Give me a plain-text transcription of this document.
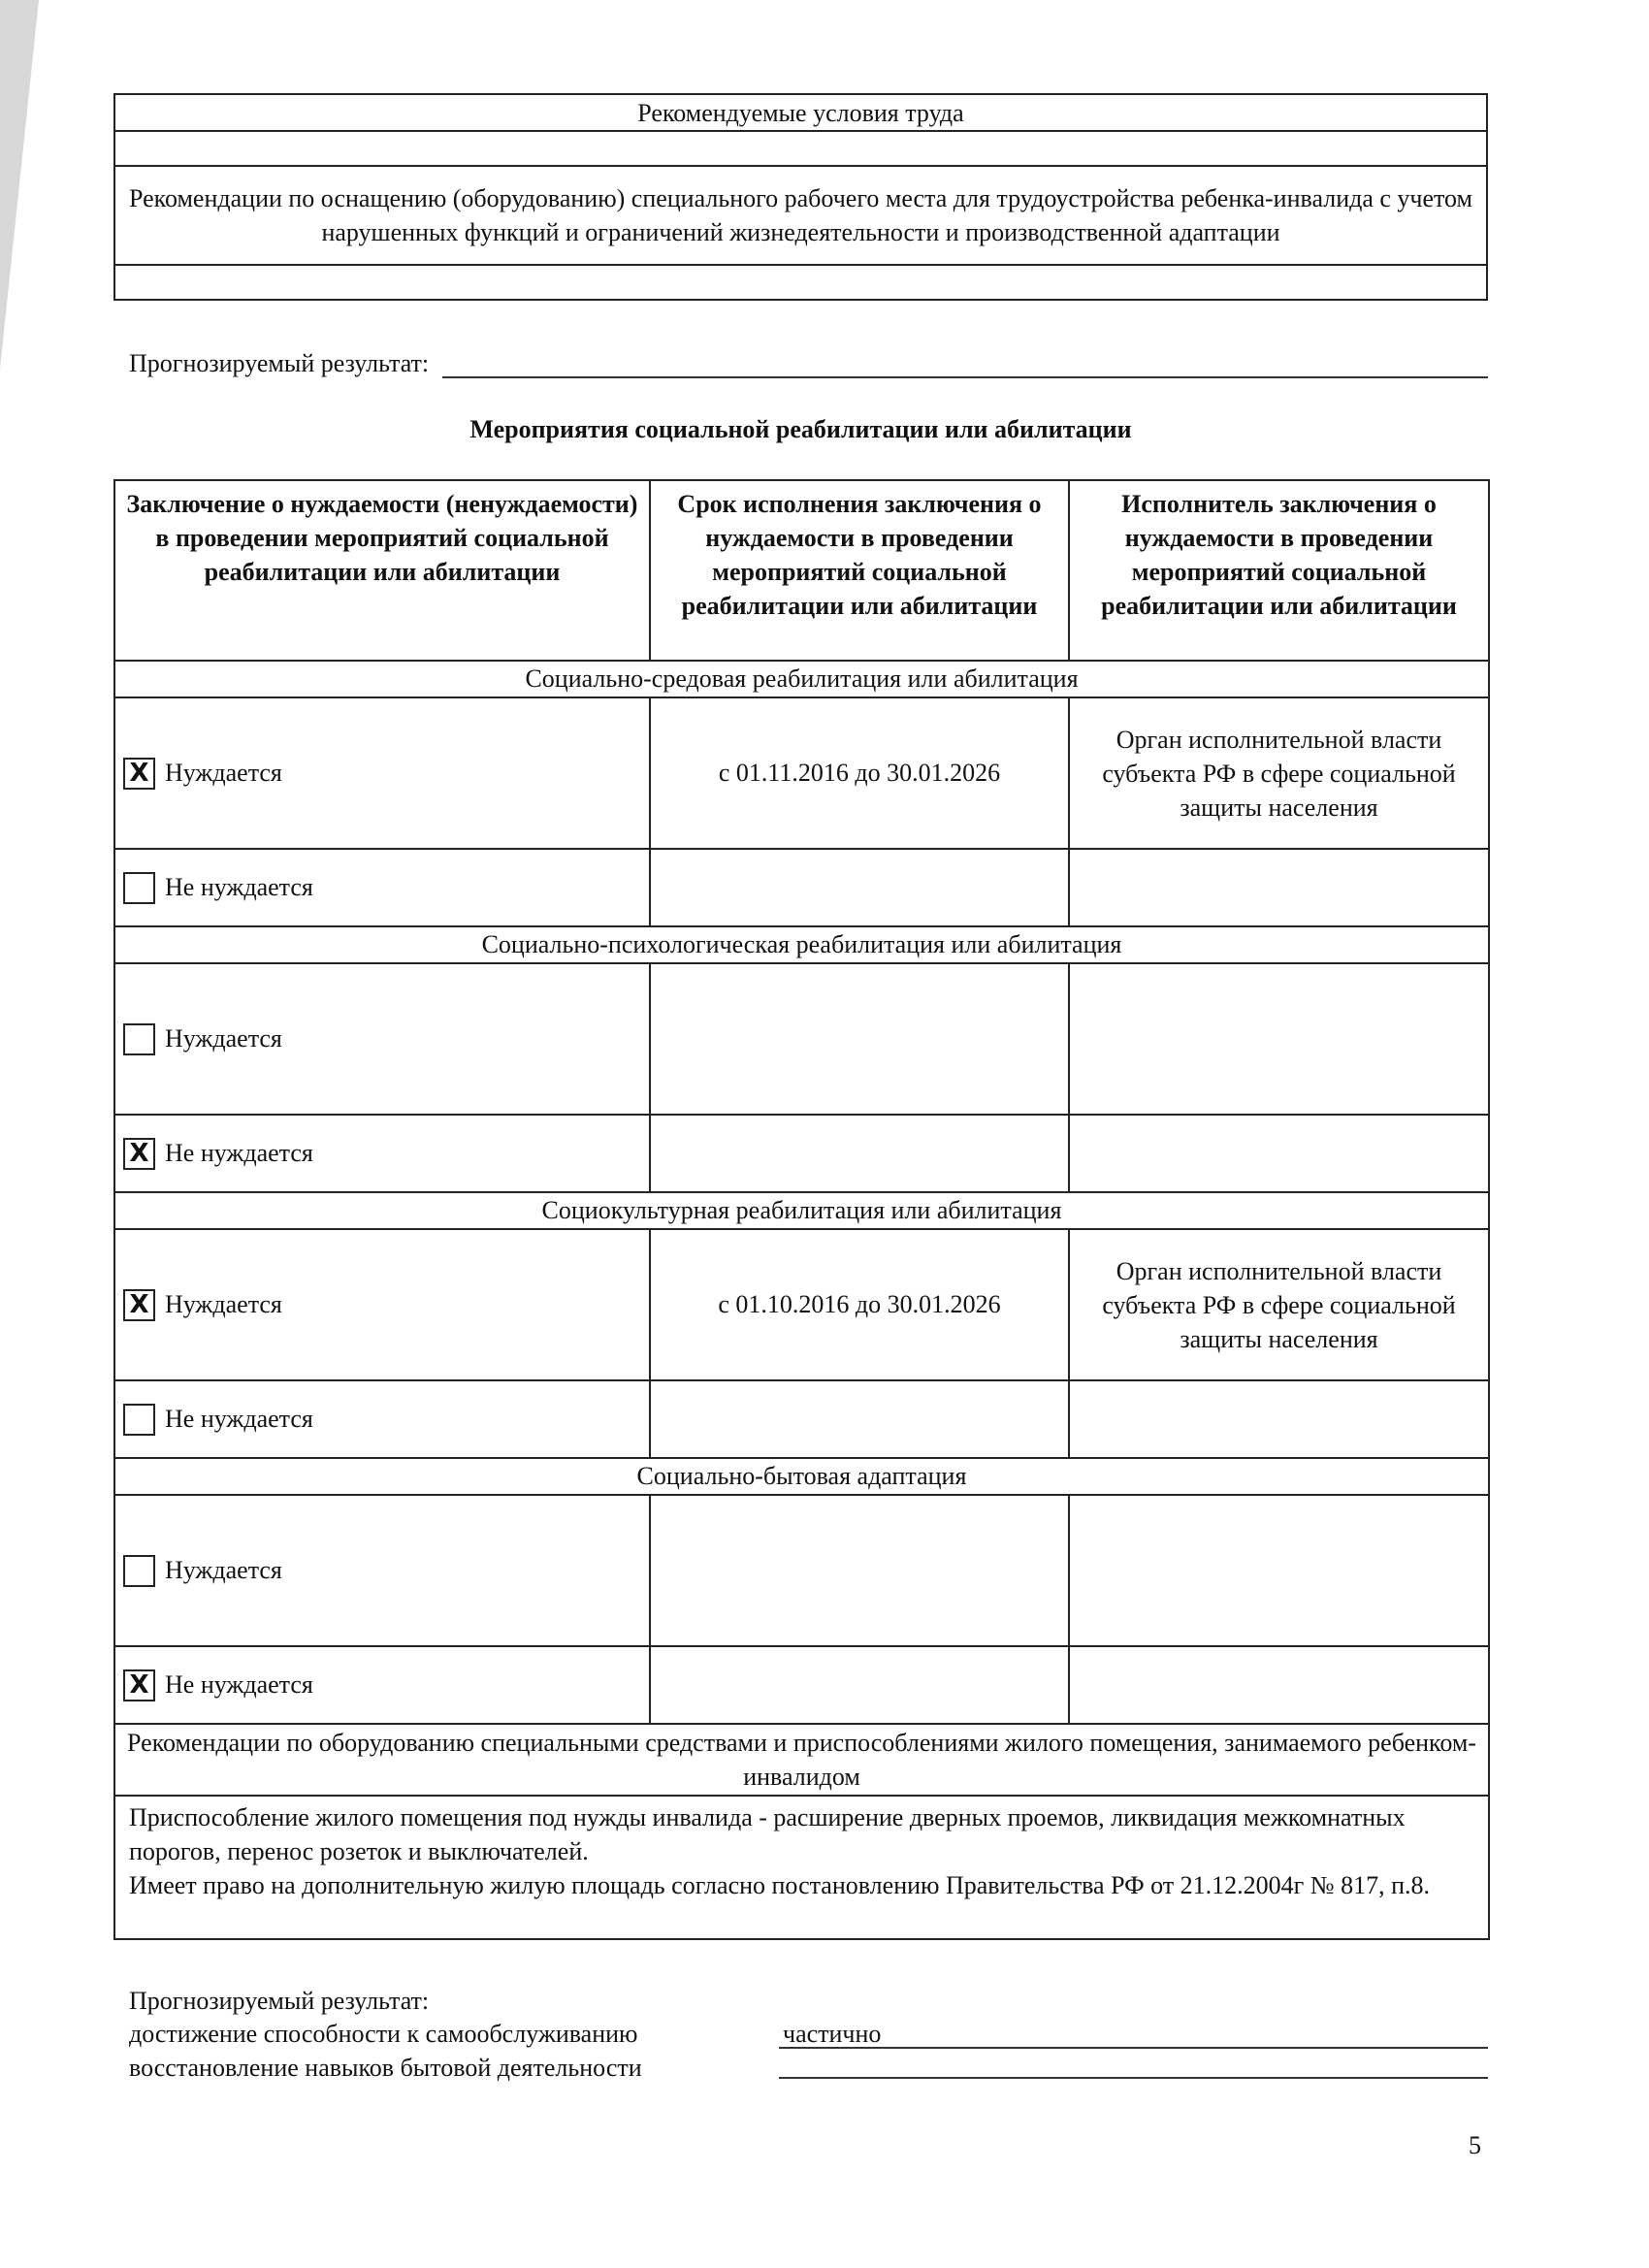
Рекомендуемые условия труда

Рекомендации по оснащению (оборудованию) специального рабочего места для трудоустройства ребенка-инвалида с учетом нарушенных функций и ограничений жизнедеятельности и производственной адаптации

Прогнозируемый результат:
Мероприятия социальной реабилитации или абилитации
Заключение о нуждаемости (ненуждаемости) в проведении мероприятий социальной реабилитации или абилитации	Срок исполнения заключения о нуждаемости в проведении мероприятий социальной реабилитации или абилитации	Исполнитель заключения о нуждаемости в проведении мероприятий социальной реабилитации или абилитации
Социально-средовая реабилитация или абилитация		
XНуждается	с 01.11.2016 до 30.01.2026	Орган исполнительной власти субъекта РФ в сфере социальной защиты населения
Не нуждается		
Социально-психологическая реабилитация или абилитация		
Нуждается		
XНе нуждается		
Социокультурная реабилитация или абилитация		
XНуждается	с 01.10.2016 до 30.01.2026	Орган исполнительной власти субъекта РФ в сфере социальной защиты населения
Не нуждается		
Социально-бытовая адаптация		
Нуждается		
XНе нуждается		
Рекомендации по оборудованию специальными средствами и приспособлениями жилого помещения, занимаемого ребенком-инвалидом		

Приспособление жилого помещения под нужды инвалида - расширение дверных проемов, ликвидация межкомнатных порогов, перенос розеток и выключателей.
Имеет право на дополнительную жилую площадь согласно постановлению Правительства РФ от 21.12.2004г № 817, п.8.		
Прогнозируемый результат:
достижение способности к самообслуживанию	частично
восстановление навыков бытовой деятельности
5
